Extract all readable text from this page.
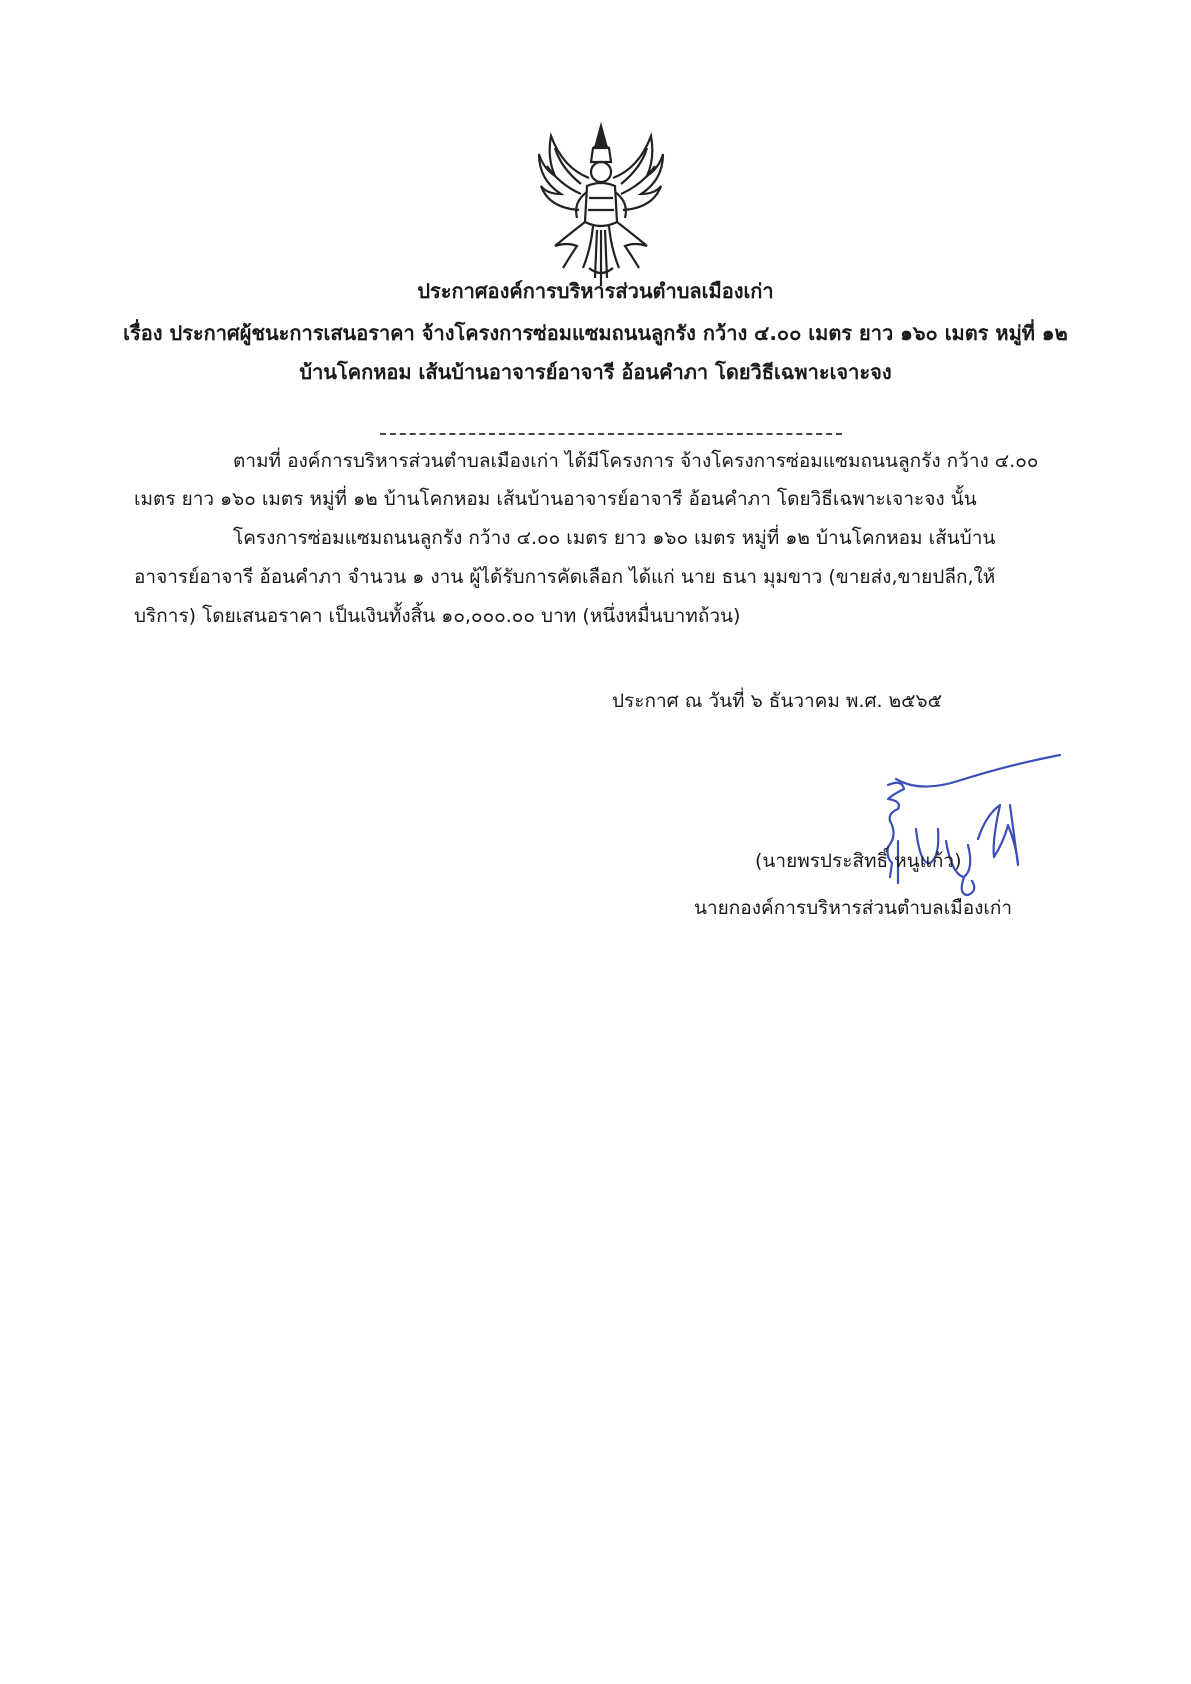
ประกาศองค์การบริหารส่วนตำบลเมืองเก่า
เรื่อง ประกาศผู้ชนะการเสนอราคา จ้างโครงการซ่อมแซมถนนลูกรัง กว้าง ๔.๐๐ เมตร ยาว ๑๖๐ เมตร หมู่ที่ ๑๒
บ้านโคกหอม เส้นบ้านอาจารย์อาจารี อ้อนคำภา โดยวิธีเฉพาะเจาะจง
ตามที่ องค์การบริหารส่วนตำบลเมืองเก่า ได้มีโครงการ จ้างโครงการซ่อมแซมถนนลูกรัง กว้าง ๔.๐๐
เมตร ยาว ๑๖๐ เมตร หมู่ที่ ๑๒ บ้านโคกหอม เส้นบ้านอาจารย์อาจารี อ้อนคำภา โดยวิธีเฉพาะเจาะจง นั้น
โครงการซ่อมแซมถนนลูกรัง กว้าง ๔.๐๐ เมตร ยาว ๑๖๐ เมตร หมู่ที่ ๑๒ บ้านโคกหอม เส้นบ้าน
อาจารย์อาจารี อ้อนคำภา จำนวน ๑ งาน ผู้ได้รับการคัดเลือก ได้แก่ นาย ธนา มุมขาว (ขายส่ง,ขายปลีก,ให้
บริการ) โดยเสนอราคา เป็นเงินทั้งสิ้น ๑๐,๐๐๐.๐๐ บาท (หนึ่งหมื่นบาทถ้วน)
ประกาศ ณ วันที่ ๖ ธันวาคม พ.ศ. ๒๕๖๕
(นายพรประสิทธิ์ หนูแก้ว)
นายกองค์การบริหารส่วนตำบลเมืองเก่า
